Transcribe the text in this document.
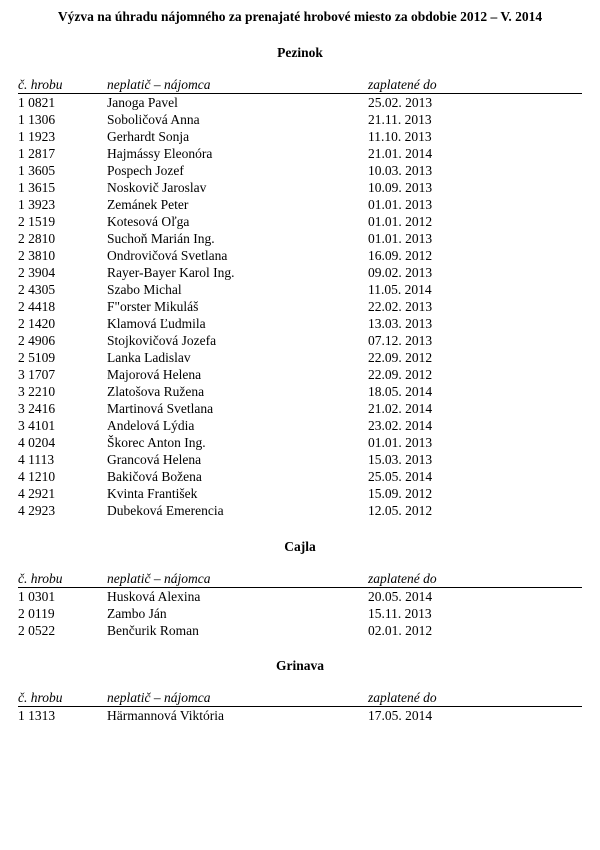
Výzva na úhradu nájomného za prenajaté hrobové miesto za obdobie 2012 – V. 2014
Pezinok
č. hrobu	neplatič – nájomca	zaplatené do
1 0821	Janoga Pavel	25.02. 2013
1 1306	Soboličová Anna	21.11. 2013
1 1923	Gerhardt Sonja	11.10. 2013
1 2817	Hajmássy Eleonóra	21.01. 2014
1 3605	Pospech Jozef	10.03. 2013
1 3615	Noskovič Jaroslav	10.09. 2013
1 3923	Zemánek Peter	01.01. 2013
2 1519	Kotesová Oľga	01.01. 2012
2 2810	Suchoň Marián Ing.	01.01. 2013
2 3810	Ondrovičová Svetlana	16.09. 2012
2 3904	Rayer-Bayer Karol Ing.	09.02. 2013
2 4305	Szabo Michal	11.05. 2014
2 4418	F"orster Mikuláš	22.02. 2013
2 1420	Klamová Ľudmila	13.03. 2013
2 4906	Stojkovičová Jozefa	07.12. 2013
2 5109	Lanka Ladislav	22.09. 2012
3 1707	Majorová Helena	22.09. 2012
3 2210	Zlatošova Ružena	18.05. 2014
3 2416	Martinová Svetlana	21.02. 2014
3 4101	Andelová Lýdia	23.02. 2014
4 0204	Škorec Anton Ing.	01.01. 2013
4 1113	Grancová Helena	15.03. 2013
4 1210	Bakičová Božena	25.05. 2014
4 2921	Kvinta František	15.09. 2012
4 2923	Dubeková Emerencia	12.05. 2012
Cajla
č. hrobu	neplatič – nájomca	zaplatené do
1 0301	Husková Alexina	20.05. 2014
2 0119	Zambo Ján	15.11. 2013
2 0522	Benčurik Roman	02.01. 2012
Grinava
č. hrobu	neplatič – nájomca	zaplatené do
1 1313	Härmannová Viktória	17.05. 2014
